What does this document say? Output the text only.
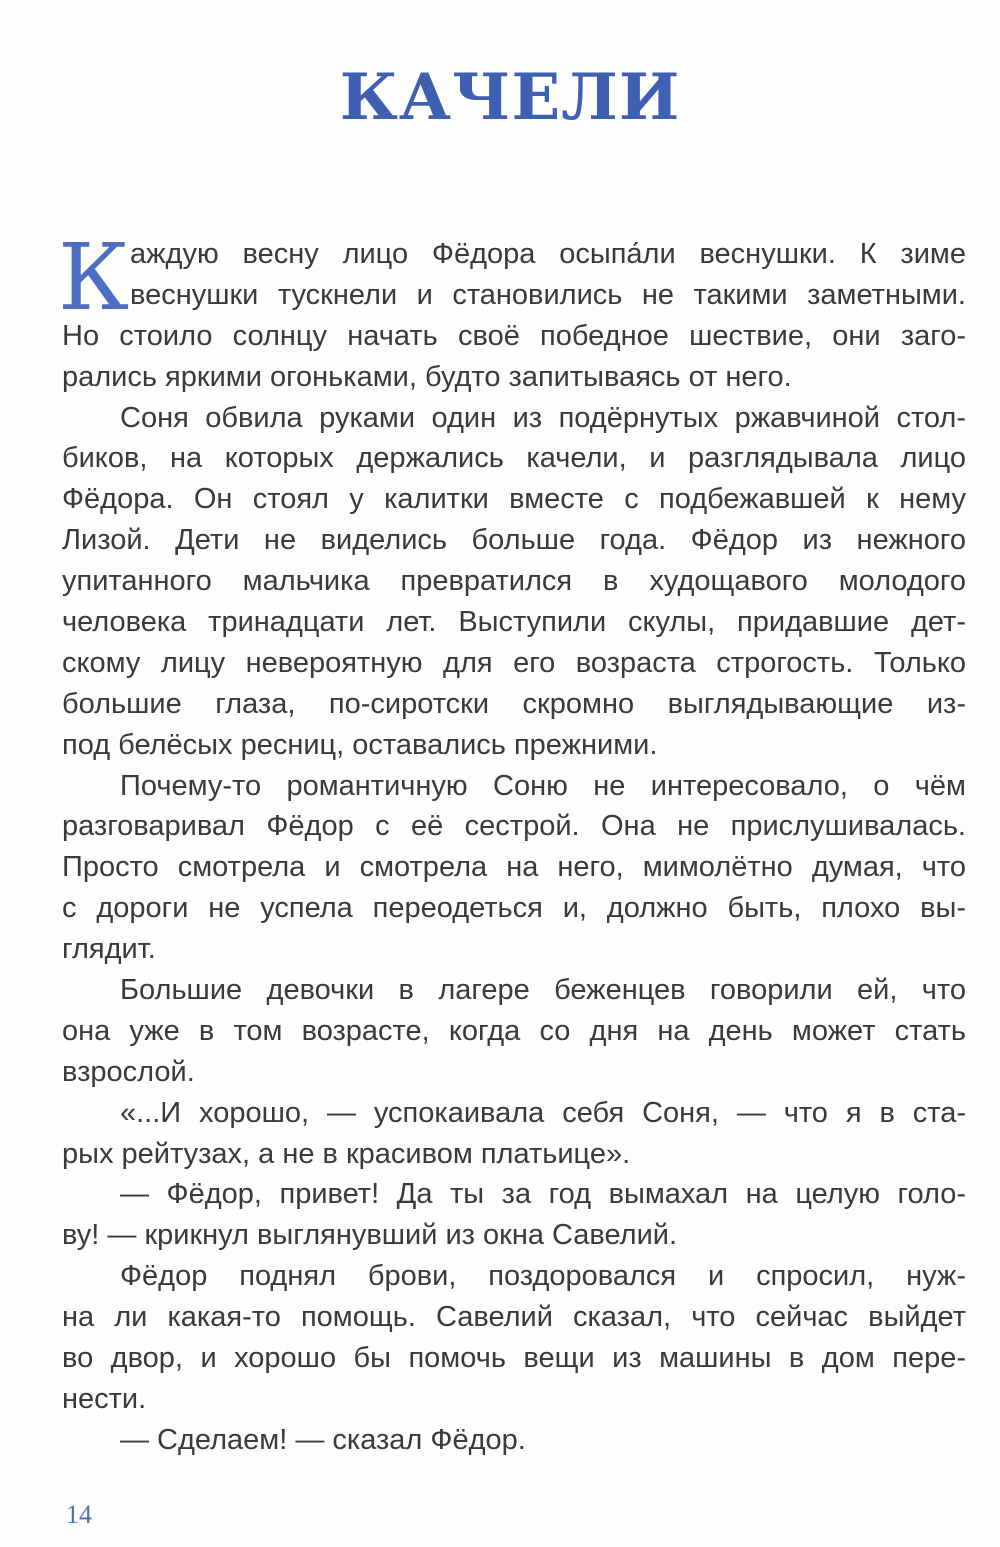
КАЧЕЛИ
К аждую весну лицо Фёдора осыпа́ли веснушки. К зиме
веснушки тускнели и становились не такими заметными.
Но стоило солнцу начать своё победное шествие, они заго-
рались яркими огоньками, будто запитываясь от него.
Соня обвила руками один из подёрнутых ржавчиной стол-
биков, на которых держались качели, и разглядывала лицо
Фёдора. Он стоял у калитки вместе с подбежавшей к нему
Лизой. Дети не виделись больше года. Фёдор из нежного
упитанного мальчика превратился в худощавого молодого
человека тринадцати лет. Выступили скулы, придавшие дет-
скому лицу невероятную для его возраста строгость. Только
большие глаза, по-сиротски скромно выглядывающие из-
под белёсых ресниц, оставались прежними.
Почему-то романтичную Соню не интересовало, о чём
разговаривал Фёдор с её сестрой. Она не прислушивалась.
Просто смотрела и смотрела на него, мимолётно думая, что
с дороги не успела переодеться и, должно быть, плохо вы-
глядит.
Большие девочки в лагере беженцев говорили ей, что
она уже в том возрасте, когда со дня на день может стать
взрослой.
«...И хорошо, — успокаивала себя Соня, — что я в ста-
рых рейтузах, а не в красивом платьице».
— Фёдор, привет! Да ты за год вымахал на целую голо-
ву! — крикнул выглянувший из окна Савелий.
Фёдор поднял брови, поздоровался и спросил, нуж-
на ли какая-то помощь. Савелий сказал, что сейчас выйдет
во двор, и хорошо бы помочь вещи из машины в дом пере-
нести.
— Сделаем! — сказал Фёдор.
14
